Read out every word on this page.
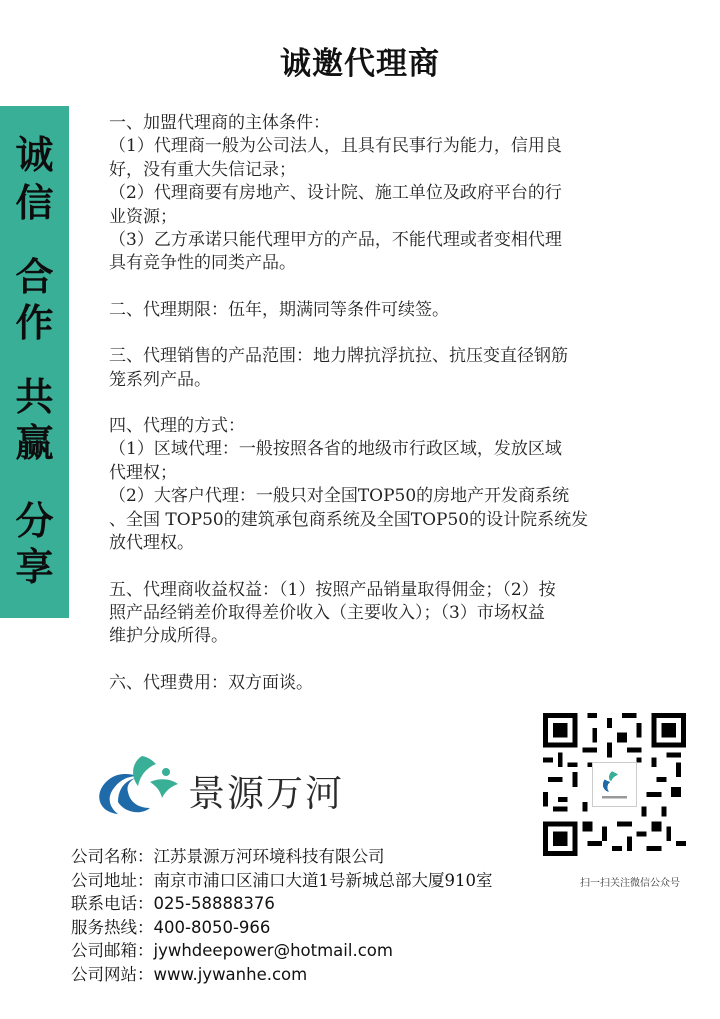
诚邀代理商
诚
信
合
作
共
赢
分
享

一、加盟代理商的主体条件：

（1）代理商一般为公司法人，且具有民事行为能力，信用良

好，没有重大失信记录；

（2）代理商要有房地产、设计院、施工单位及政府平台的行

业资源；

（3）乙方承诺只能代理甲方的产品，不能代理或者变相代理

具有竞争性的同类产品。

二、代理期限：伍年，期满同等条件可续签。

三、代理销售的产品范围：地力牌抗浮抗拉、抗压变直径钢筋

笼系列产品。

四、代理的方式：

（1）区域代理：一般按照各省的地级市行政区域，发放区域

代理权；

（2）大客户代理：一般只对全国TOP50的房地产开发商系统

、全国 TOP50的建筑承包商系统及全国TOP50的设计院系统发

放代理权。

五、代理商收益权益：（1）按照产品销量取得佣金；（2）按

照产品经销差价取得差价收入（主要收入）；（3）市场权益

维护分成所得。

六、代理费用：双方面谈。

景源万河
扫一扫关注微信公众号
公司名称：江苏景源万河环境科技有限公司
公司地址：南京市浦口区浦口大道1号新城总部大厦910室
联系电话：025-58888376
服务热线：400-8050-966
公司邮箱：jywhdeepower@hotmail.com
公司网站：www.jywanhe.com
